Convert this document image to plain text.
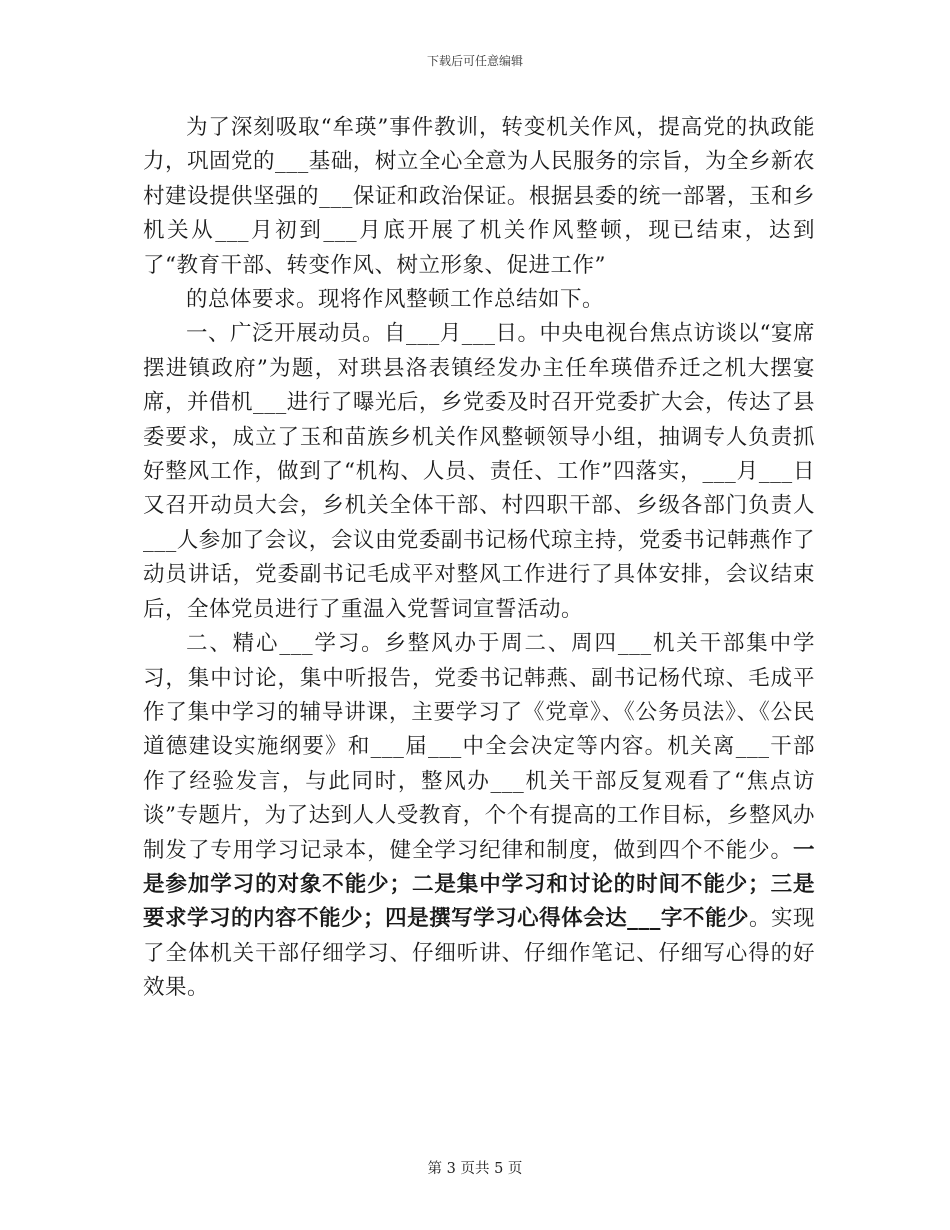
下载后可任意编辑

为了深刻吸取“牟瑛”事件教训，转变机关作风，提高党的执政能力，巩固党的___基础，树立全心全意为人民服务的宗旨，为全乡新农村建设提供坚强的___保证和政治保证。根据县委的统一部署，玉和乡机关从___月初到___月底开展了机关作风整顿，现已结束，达到了“教育干部、转变作风、树立形象、促进工作”

的总体要求。现将作风整顿工作总结如下。

一、广泛开展动员。自___月___日。中央电视台焦点访谈以“宴席摆进镇政府”为题，对珙县洛表镇经发办主任牟瑛借乔迁之机大摆宴席，并借机___进行了曝光后，乡党委及时召开党委扩大会，传达了县委要求，成立了玉和苗族乡机关作风整顿领导小组，抽调专人负责抓好整风工作，做到了“机构、人员、责任、工作”四落实，___月___日又召开动员大会，乡机关全体干部、村四职干部、乡级各部门负责人___人参加了会议，会议由党委副书记杨代琼主持，党委书记韩燕作了动员讲话，党委副书记毛成平对整风工作进行了具体安排，会议结束后，全体党员进行了重温入党誓词宣誓活动。

二、精心___学习。乡整风办于周二、周四___机关干部集中学习，集中讨论，集中听报告，党委书记韩燕、副书记杨代琼、毛成平作了集中学习的辅导讲课，主要学习了《党章》、《公务员法》、《公民道德建设实施纲要》和___届___中全会决定等内容。机关离___干部作了经验发言，与此同时，整风办___机关干部反复观看了“焦点访谈”专题片，为了达到人人受教育，个个有提高的工作目标，乡整风办制发了专用学习记录本，健全学习纪律和制度，做到四个不能少。一是参加学习的对象不能少；二是集中学习和讨论的时间不能少；三是要求学习的内容不能少；四是撰写学习心得体会达___字不能少。实现了全体机关干部仔细学习、仔细听讲、仔细作笔记、仔细写心得的好效果。

第 3 页共 5 页
